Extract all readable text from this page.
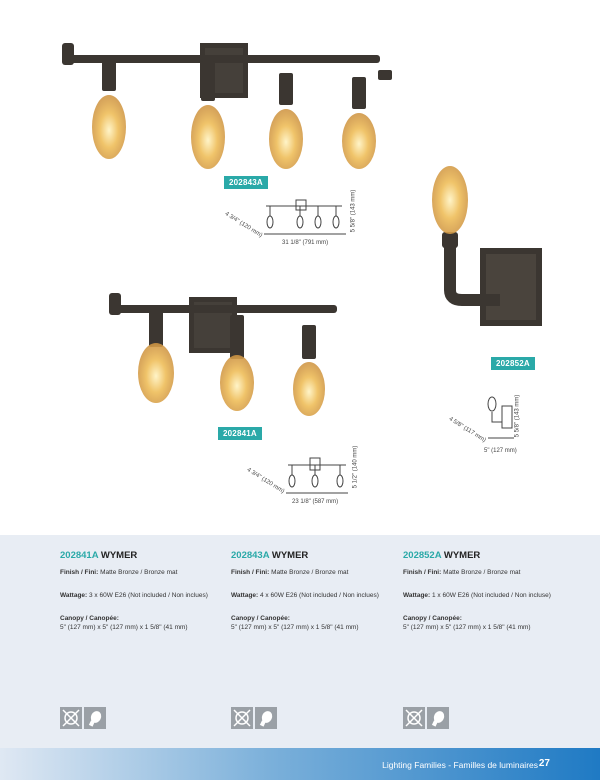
202843A
4 3/4" (120 mm)	5 5/8" (143 mm)
31 1/8" (791 mm)
202852A
4 5/8" (117 mm)	5 5/8" (143 mm)
5" (127 mm)
202841A
4 3/4" (120 mm)	5 1/2" (140 mm)
23 1/8" (587 mm)
202841A WYMER
Finish / Fini: Matte Bronze / Bronze mat
Wattage: 3 x 60W E26 (Not included / Non inclues)
Canopy / Canopée:
5" (127 mm) x 5" (127 mm) x 1 5/8" (41 mm)
202843A WYMER
Finish / Fini: Matte Bronze / Bronze mat
Wattage: 4 x 60W E26 (Not included / Non inclues)
Canopy / Canopée:
5" (127 mm) x 5" (127 mm) x 1 5/8" (41 mm)
202852A WYMER
Finish / Fini: Matte Bronze / Bronze mat
Wattage: 1 x 60W E26 (Not included / Non incluse)
Canopy / Canopée:
5" (127 mm) x 5" (127 mm) x 1 5/8" (41 mm)
Lighting Families - Familles de luminaires 27
